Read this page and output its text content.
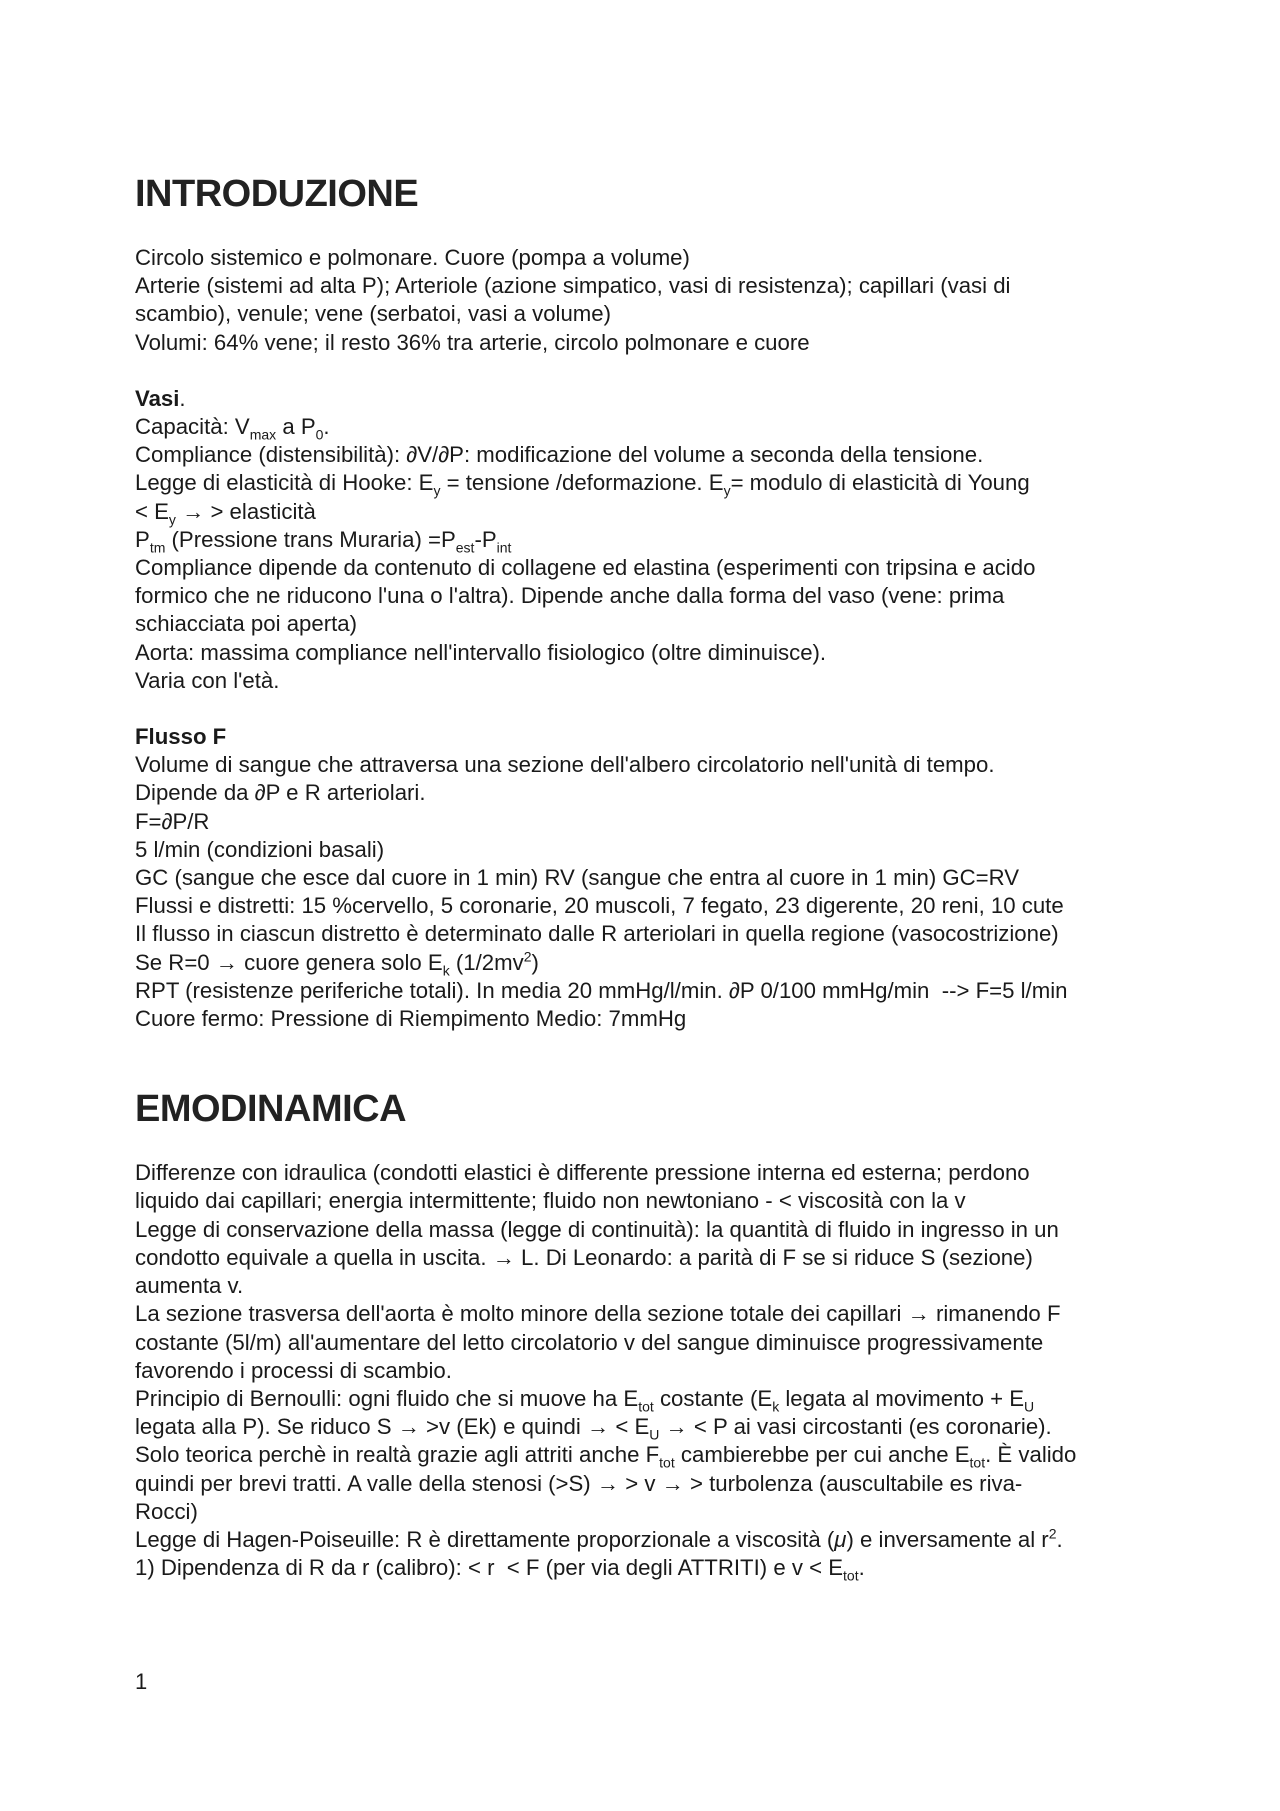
INTRODUZIONE

Circolo sistemico e polmonare. Cuore (pompa a volume)

Arterie (sistemi ad alta P); Arteriole (azione simpatico, vasi di resistenza); capillari (vasi di

scambio), venule; vene (serbatoi, vasi a volume)

Volumi: 64% vene; il resto 36% tra arterie, circolo polmonare e cuore

Vasi.

Capacità: $V_{max}$ a $P_0$.

Compliance (distensibilità): ∂V/∂P: modificazione del volume a seconda della tensione.

Legge di elasticità di Hooke: $E_y$ = tensione /deformazione. $E_y=$ modulo di elasticità di Young

< $E_y$ → > elasticità

$P_{tm}$ (Pressione trans Muraria) $=P_{est}-P_{int}$

Compliance dipende da contenuto di collagene ed elastina (esperimenti con tripsina e acido

formico che ne riducono l'una o l'altra). Dipende anche dalla forma del vaso (vene: prima

schiacciata poi aperta)

Aorta: massima compliance nell'intervallo fisiologico (oltre diminuisce).

Varia con l'età.

Flusso F

Volume di sangue che attraversa una sezione dell'albero circolatorio nell'unità di tempo.

Dipende da ∂P e R arteriolari.

F=∂P/R

5 l/min (condizioni basali)

GC (sangue che esce dal cuore in 1 min) RV (sangue che entra al cuore in 1 min) GC=RV

Flussi e distretti: 15 %cervello, 5 coronarie, 20 muscoli, 7 fegato, 23 digerente, 20 reni, 10 cute

Il flusso in ciascun distretto è determinato dalle R arteriolari in quella regione (vasocostrizione)

Se R=0 → cuore genera solo $E_k$ $(1/2mv^2)$

RPT (resistenze periferiche totali). In media 20 mmHg/l/min. ∂P 0/100 mmHg/min  --> F=5 l/min

Cuore fermo: Pressione di Riempimento Medio: 7mmHg

EMODINAMICA

Differenze con idraulica (condotti elastici è differente pressione interna ed esterna; perdono

liquido dai capillari; energia intermittente; fluido non newtoniano - < viscosità con la v

Legge di conservazione della massa (legge di continuità): la quantità di fluido in ingresso in un

condotto equivale a quella in uscita. → L. Di Leonardo: a parità di F se si riduce S (sezione)

aumenta v.

La sezione trasversa dell'aorta è molto minore della sezione totale dei capillari → rimanendo F

costante (5l/m) all'aumentare del letto circolatorio v del sangue diminuisce progressivamente

favorendo i processi di scambio.

Principio di Bernoulli: ogni fluido che si muove ha $E_{tot}$ costante ($E_k$ legata al movimento + $E_U$

legata alla P). Se riduco S → >v (Ek) e quindi → < $E_U$ → < P ai vasi circostanti (es coronarie).

Solo teorica perchè in realtà grazie agli attriti anche $F_{tot}$ cambierebbe per cui anche $E_{tot}$. È valido

quindi per brevi tratti. A valle della stenosi (>S) → > v → > turbolenza (auscultabile es riva-

Rocci)

Legge di Hagen-Poiseuille: R è direttamente proporzionale a viscosità (μ) e inversamente al $r^2$.

1) Dipendenza di R da r (calibro): < r  < F (per via degli ATTRITI) e $v < E_{tot}$.

1
